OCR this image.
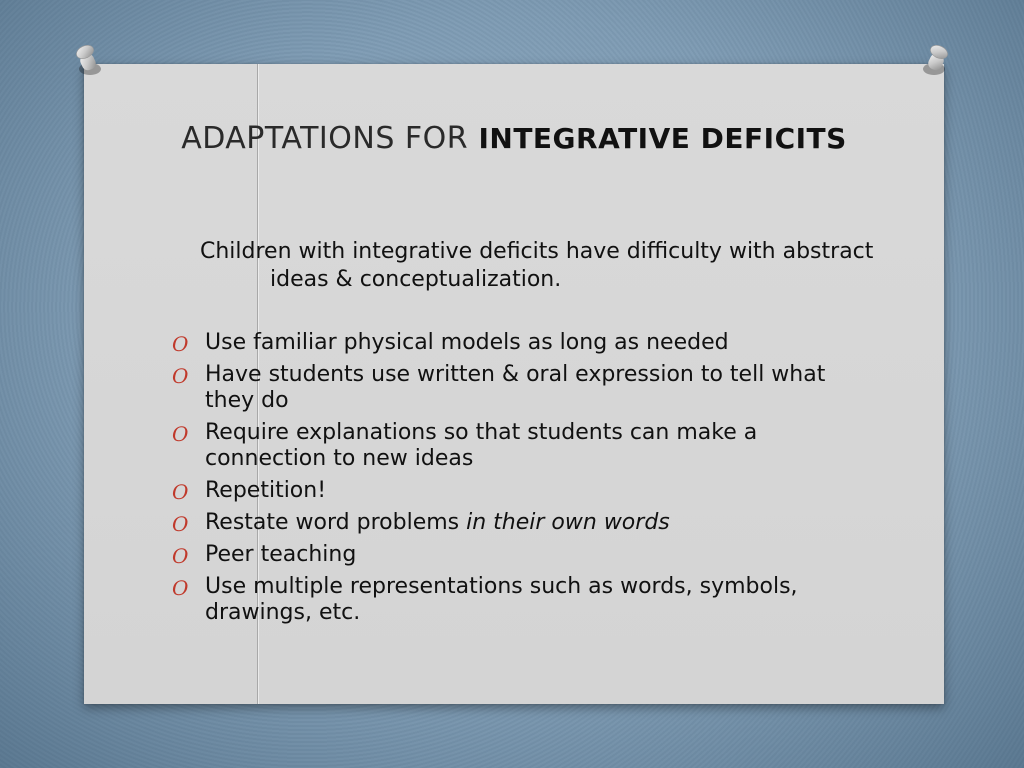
ADAPTATIONS FOR INTEGRATIVE DEFICITS

Children with integrative deficits have difficulty with abstract ideas & conceptualization.

O Use familiar physical models as long as needed
O Have students use written & oral expression to tell what they do
O Require explanations so that students can make a connection to new ideas
O Repetition!
O Restate word problems in their own words
O Peer teaching
O Use multiple representations such as words, symbols, drawings, etc.
